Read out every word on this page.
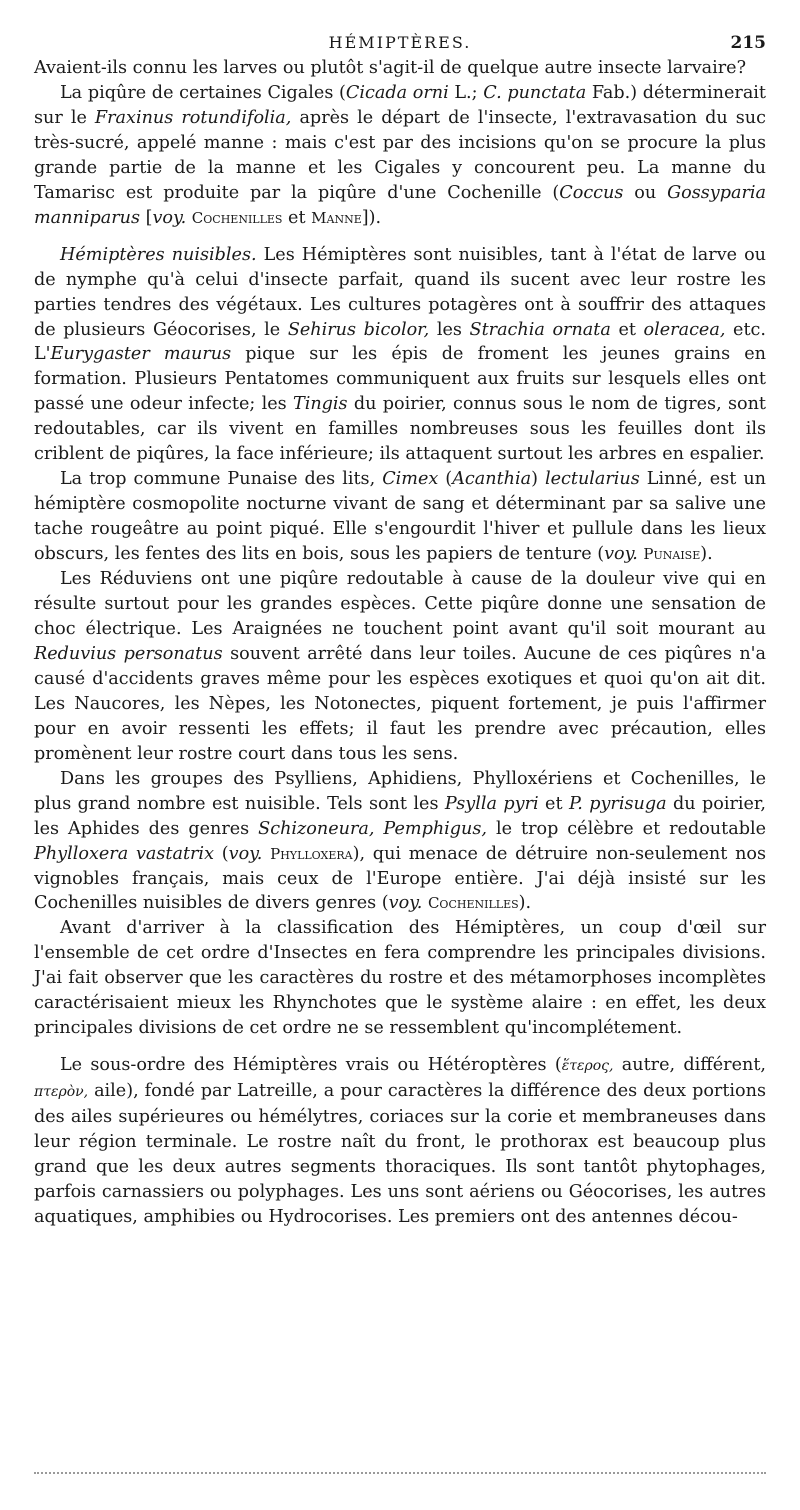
HÉMIPTÈRES.	215

Avaient-ils connu les larves ou plutôt s'agit-il de quelque autre insecte larvaire?

La piqûre de certaines Cigales (Cicada orni L.; C. punctata Fab.) déterminerait sur le Fraxinus rotundifolia, après le départ de l'insecte, l'extravasation du suc très-sucré, appelé manne : mais c'est par des incisions qu'on se procure la plus grande partie de la manne et les Cigales y concourent peu. La manne du Tamarisc est produite par la piqûre d'une Cochenille (Coccus ou Gossyparia manniparus [voy. Cochenilles et Manne]).

Hémiptères nuisibles. Les Hémiptères sont nuisibles, tant à l'état de larve ou de nymphe qu'à celui d'insecte parfait, quand ils sucent avec leur rostre les parties tendres des végétaux. Les cultures potagères ont à souffrir des attaques de plusieurs Géocorises, le Sehirus bicolor, les Strachia ornata et oleracea, etc. L'Eurygaster maurus pique sur les épis de froment les jeunes grains en formation. Plusieurs Pentatomes communiquent aux fruits sur lesquels elles ont passé une odeur infecte; les Tingis du poirier, connus sous le nom de tigres, sont redoutables, car ils vivent en familles nombreuses sous les feuilles dont ils criblent de piqûres, la face inférieure; ils attaquent surtout les arbres en espalier.

La trop commune Punaise des lits, Cimex (Acanthia) lectularius Linné, est un hémiptère cosmopolite nocturne vivant de sang et déterminant par sa salive une tache rougeâtre au point piqué. Elle s'engourdit l'hiver et pullule dans les lieux obscurs, les fentes des lits en bois, sous les papiers de tenture (voy. Punaise).

Les Réduviens ont une piqûre redoutable à cause de la douleur vive qui en résulte surtout pour les grandes espèces. Cette piqûre donne une sensation de choc électrique. Les Araignées ne touchent point avant qu'il soit mourant au Reduvius personatus souvent arrêté dans leur toiles. Aucune de ces piqûres n'a causé d'accidents graves même pour les espèces exotiques et quoi qu'on ait dit. Les Naucores, les Nèpes, les Notonectes, piquent fortement, je puis l'affirmer pour en avoir ressenti les effets; il faut les prendre avec précaution, elles promènent leur rostre court dans tous les sens.

Dans les groupes des Psylliens, Aphidiens, Phylloxériens et Cochenilles, le plus grand nombre est nuisible. Tels sont les Psylla pyri et P. pyrisuga du poirier, les Aphides des genres Schizoneura, Pemphigus, le trop célèbre et redoutable Phylloxera vastatrix (voy. Phylloxera), qui menace de détruire non-seulement nos vignobles français, mais ceux de l'Europe entière. J'ai déjà insisté sur les Cochenilles nuisibles de divers genres (voy. Cochenilles).

Avant d'arriver à la classification des Hémiptères, un coup d'œil sur l'ensemble de cet ordre d'Insectes en fera comprendre les principales divisions. J'ai fait observer que les caractères du rostre et des métamorphoses incomplètes caractérisaient mieux les Rhynchotes que le système alaire : en effet, les deux principales divisions de cet ordre ne se ressemblent qu'incomplétement.

Le sous-ordre des Hémiptères vrais ou Hétéroptères (ἕτερος, autre, différent, πτερὸν, aile), fondé par Latreille, a pour caractères la différence des deux portions des ailes supérieures ou hémélytres, coriaces sur la corie et membraneuses dans leur région terminale. Le rostre naît du front, le prothorax est beaucoup plus grand que les deux autres segments thoraciques. Ils sont tantôt phytophages, parfois carnassiers ou polyphages. Les uns sont aériens ou Géocorises, les autres aquatiques, amphibies ou Hydrocorises. Les premiers ont des antennes décou-
